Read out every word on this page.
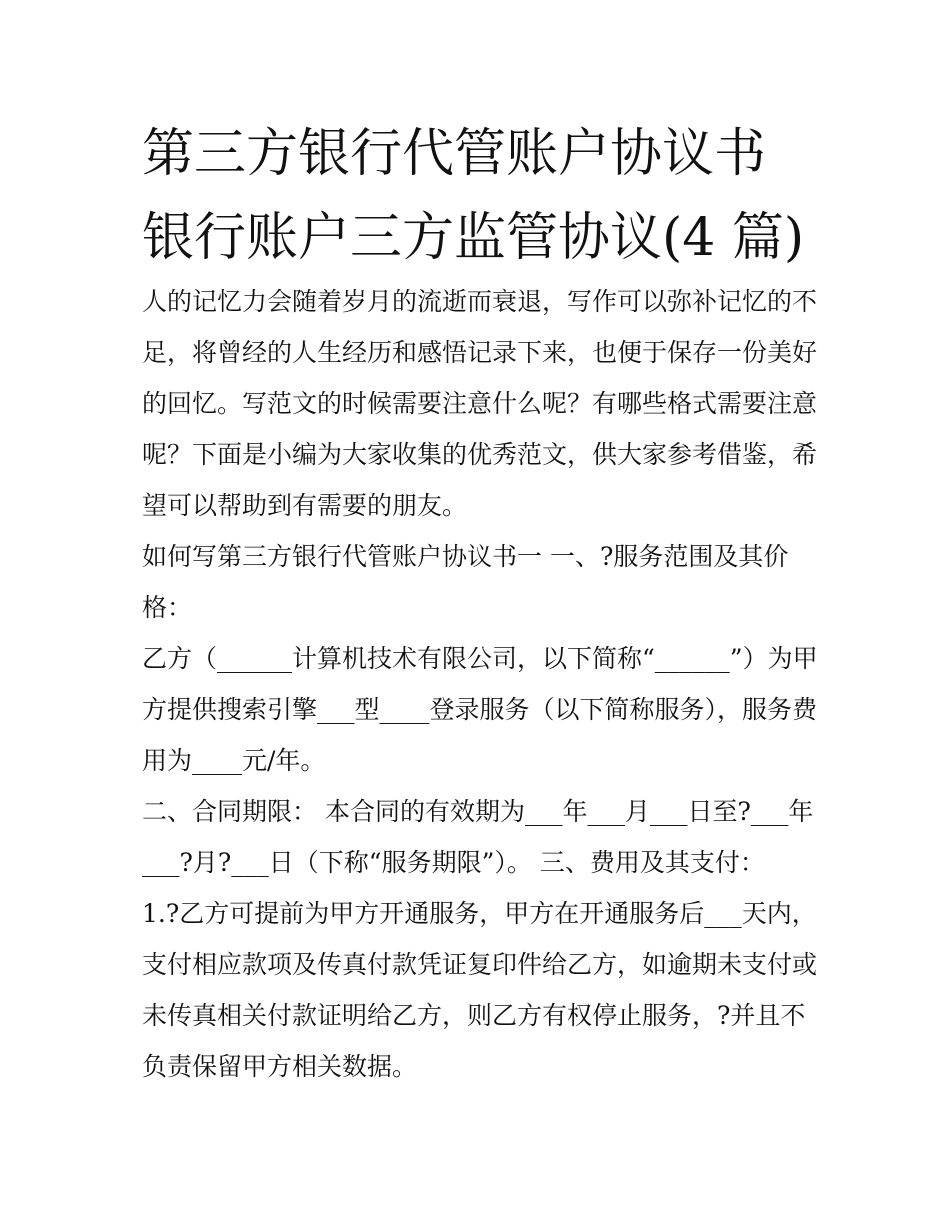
第三方银行代管账户协议书 银行账户三方监管协议(4 篇)

人的记忆力会随着岁月的流逝而衰退，写作可以弥补记忆的不足，将曾经的人生经历和感悟记录下来，也便于保存一份美好的回忆。写范文的时候需要注意什么呢？有哪些格式需要注意呢？下面是小编为大家收集的优秀范文，供大家参考借鉴，希望可以帮助到有需要的朋友。

如何写第三方银行代管账户协议书一 一、?服务范围及其价格：

乙方（______计算机技术有限公司，以下简称“______”）为甲方提供搜索引擎___型____登录服务（以下简称服务），服务费用为____元/年。

二、合同期限： 本合同的有效期为___年___月___日至?___年___?月?___日（下称“服务期限”）。 三、费用及其支付：

1.?乙方可提前为甲方开通服务，甲方在开通服务后___天内，支付相应款项及传真付款凭证复印件给乙方，如逾期未支付或未传真相关付款证明给乙方，则乙方有权停止服务，?并且不负责保留甲方相关数据。
